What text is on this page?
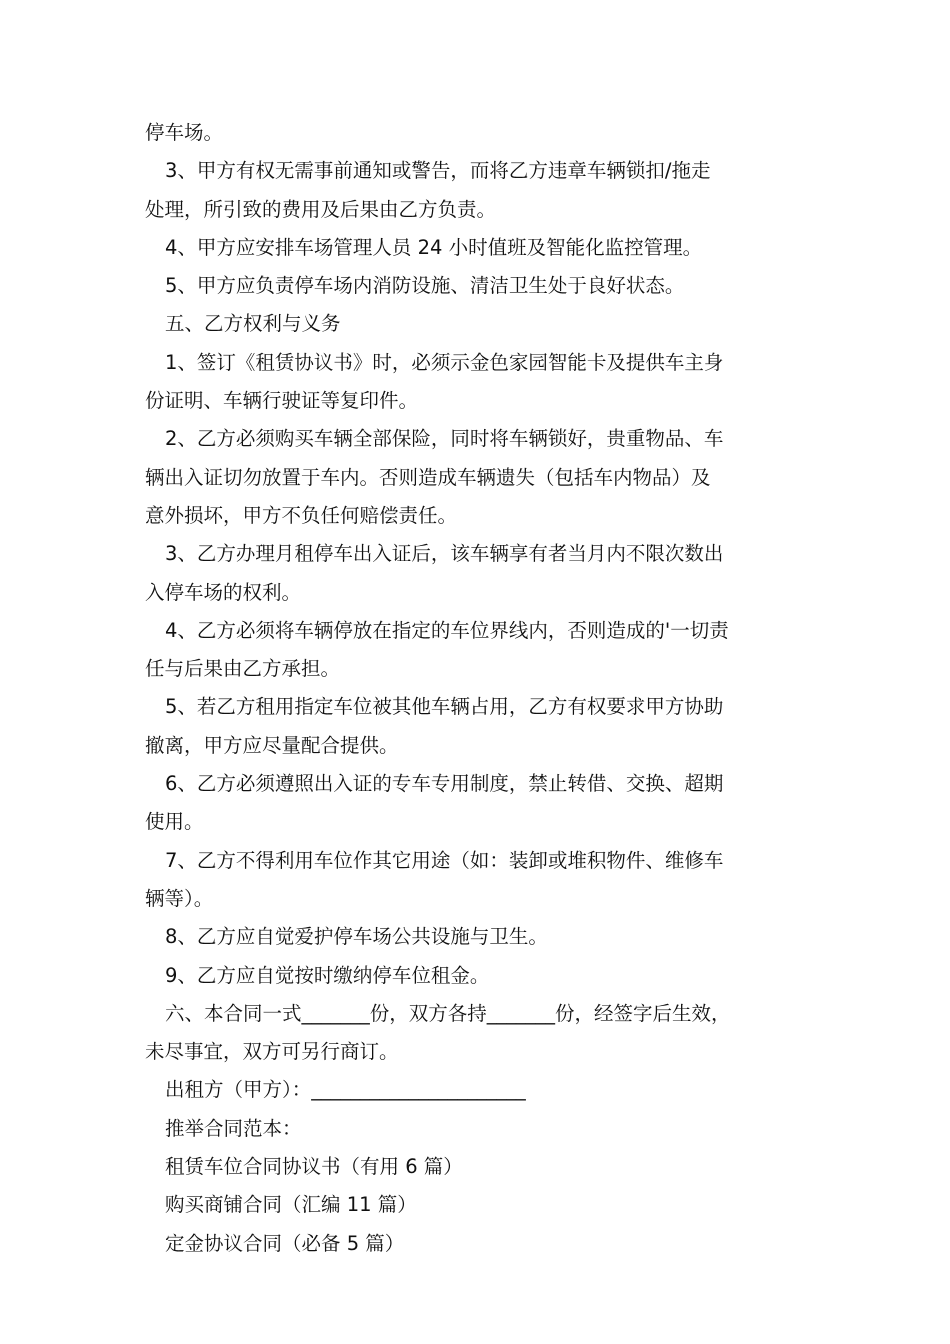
停车场。

3、甲方有权无需事前通知或警告，而将乙方违章车辆锁扣/拖走

处理，所引致的费用及后果由乙方负责。

4、甲方应安排车场管理人员 24 小时值班及智能化监控管理。

5、甲方应负责停车场内消防设施、清洁卫生处于良好状态。

五、乙方权利与义务

1、签订《租赁协议书》时，必须示金色家园智能卡及提供车主身

份证明、车辆行驶证等复印件。

2、乙方必须购买车辆全部保险，同时将车辆锁好，贵重物品、车

辆出入证切勿放置于车内。否则造成车辆遗失（包括车内物品）及

意外损坏，甲方不负任何赔偿责任。

3、乙方办理月租停车出入证后，该车辆享有者当月内不限次数出

入停车场的权利。

4、乙方必须将车辆停放在指定的车位界线内，否则造成的'一切责

任与后果由乙方承担。

5、若乙方租用指定车位被其他车辆占用，乙方有权要求甲方协助

撤离，甲方应尽量配合提供。

6、乙方必须遵照出入证的专车专用制度，禁止转借、交换、超期

使用。

7、乙方不得利用车位作其它用途（如：装卸或堆积物件、维修车

辆等）。

8、乙方应自觉爱护停车场公共设施与卫生。

9、乙方应自觉按时缴纳停车位租金。

六、本合同一式_______份，双方各持_______份，经签字后生效，

未尽事宜，双方可另行商订。

出租方（甲方）：______________________

推举合同范本：

租赁车位合同协议书（有用 6 篇）

购买商铺合同（汇编 11 篇）

定金协议合同（必备 5 篇）
